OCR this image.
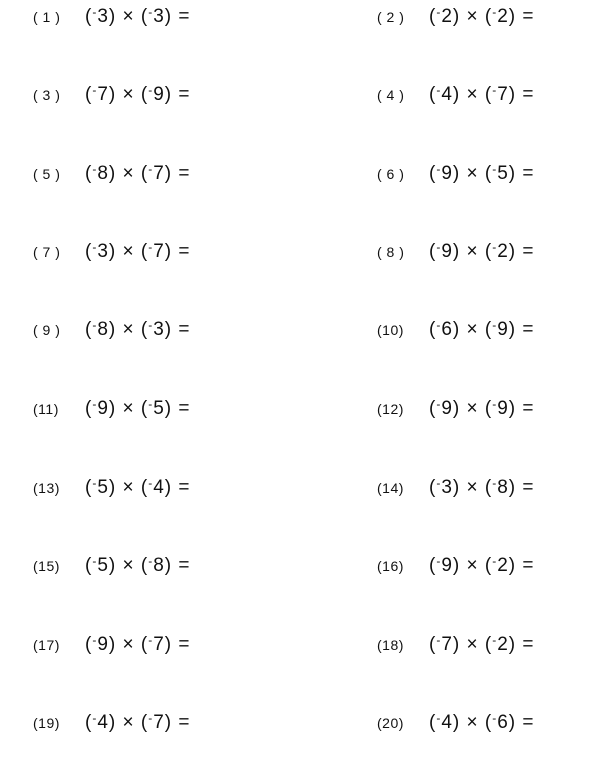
( 1 ) (-3) × (-3) =	( 2 ) (-2) × (-2) =
( 3 ) (-7) × (-9) =	( 4 ) (-4) × (-7) =
( 5 ) (-8) × (-7) =	( 6 ) (-9) × (-5) =
( 7 ) (-3) × (-7) =	( 8 ) (-9) × (-2) =
( 9 ) (-8) × (-3) =	(10) (-6) × (-9) =
(11) (-9) × (-5) =	(12) (-9) × (-9) =
(13) (-5) × (-4) =	(14) (-3) × (-8) =
(15) (-5) × (-8) =	(16) (-9) × (-2) =
(17) (-9) × (-7) =	(18) (-7) × (-2) =
(19) (-4) × (-7) =	(20) (-4) × (-6) =
